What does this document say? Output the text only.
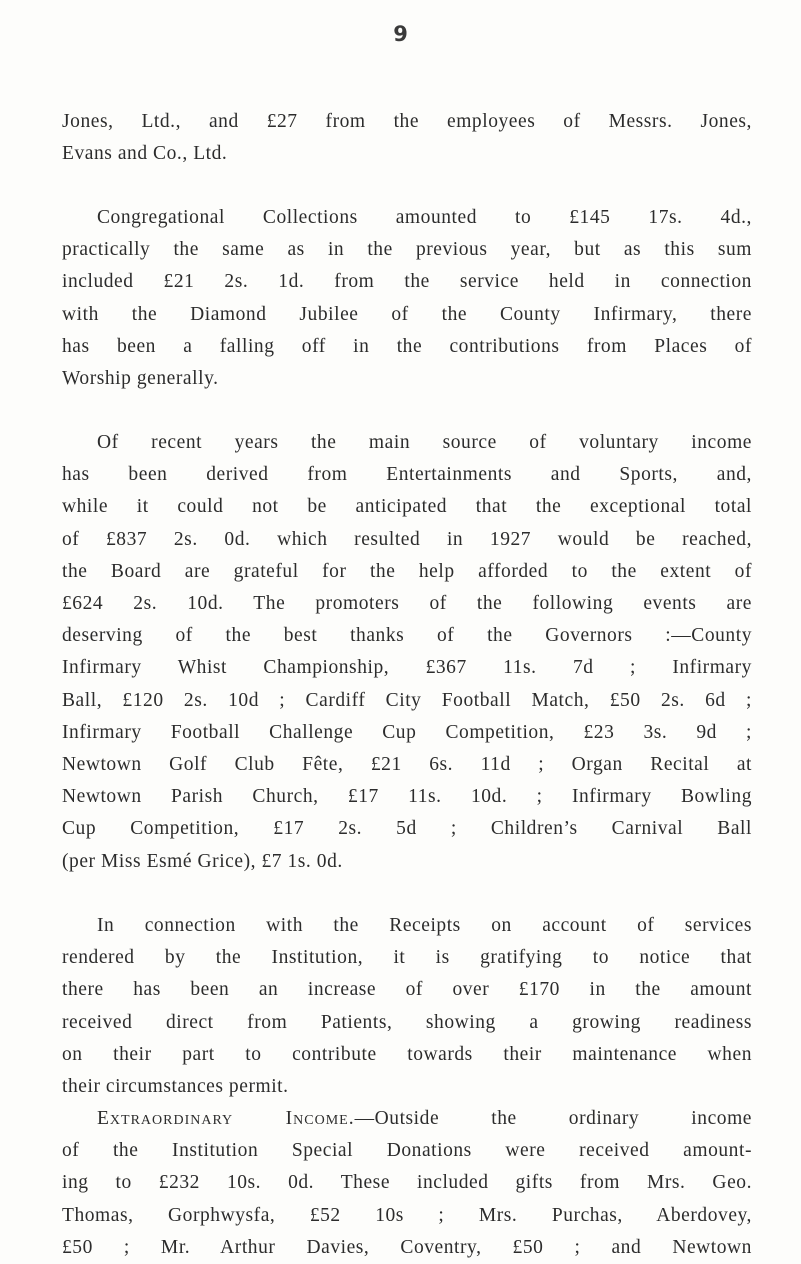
9
Jones, Ltd., and £27 from the employees of Messrs. Jones,
Evans and Co., Ltd.
Congregational Collections amounted to £145 17s. 4d.,
practically the same as in the previous year, but as this sum
included £21 2s. 1d. from the service held in connection
with the Diamond Jubilee of the County Infirmary, there
has been a falling off in the contributions from Places of
Worship generally.
Of recent years the main source of voluntary income
has been derived from Entertainments and Sports, and,
while it could not be anticipated that the exceptional total
of £837 2s. 0d. which resulted in 1927 would be reached,
the Board are grateful for the help afforded to the extent of
£624 2s. 10d. The promoters of the following events are
deserving of the best thanks of the Governors :—County
Infirmary Whist Championship, £367 11s. 7d ; Infirmary
Ball, £120 2s. 10d ; Cardiff City Football Match, £50 2s. 6d ;
Infirmary Football Challenge Cup Competition, £23 3s. 9d ;
Newtown Golf Club Fête, £21 6s. 11d ; Organ Recital at
Newtown Parish Church, £17 11s. 10d. ; Infirmary Bowling
Cup Competition, £17 2s. 5d ; Children’s Carnival Ball
(per Miss Esmé Grice), £7 1s. 0d.
In connection with the Receipts on account of services
rendered by the Institution, it is gratifying to notice that
there has been an increase of over £170 in the amount
received direct from Patients, showing a growing readiness
on their part to contribute towards their maintenance when
their circumstances permit.
Extraordinary Income.—Outside the ordinary income
of the Institution Special Donations were received amount-
ing to £232 10s. 0d. These included gifts from Mrs. Geo.
Thomas, Gorphwysfa, £52 10s ; Mrs. Purchas, Aberdovey,
£50 ; Mr. Arthur Davies, Coventry, £50 ; and Newtown
